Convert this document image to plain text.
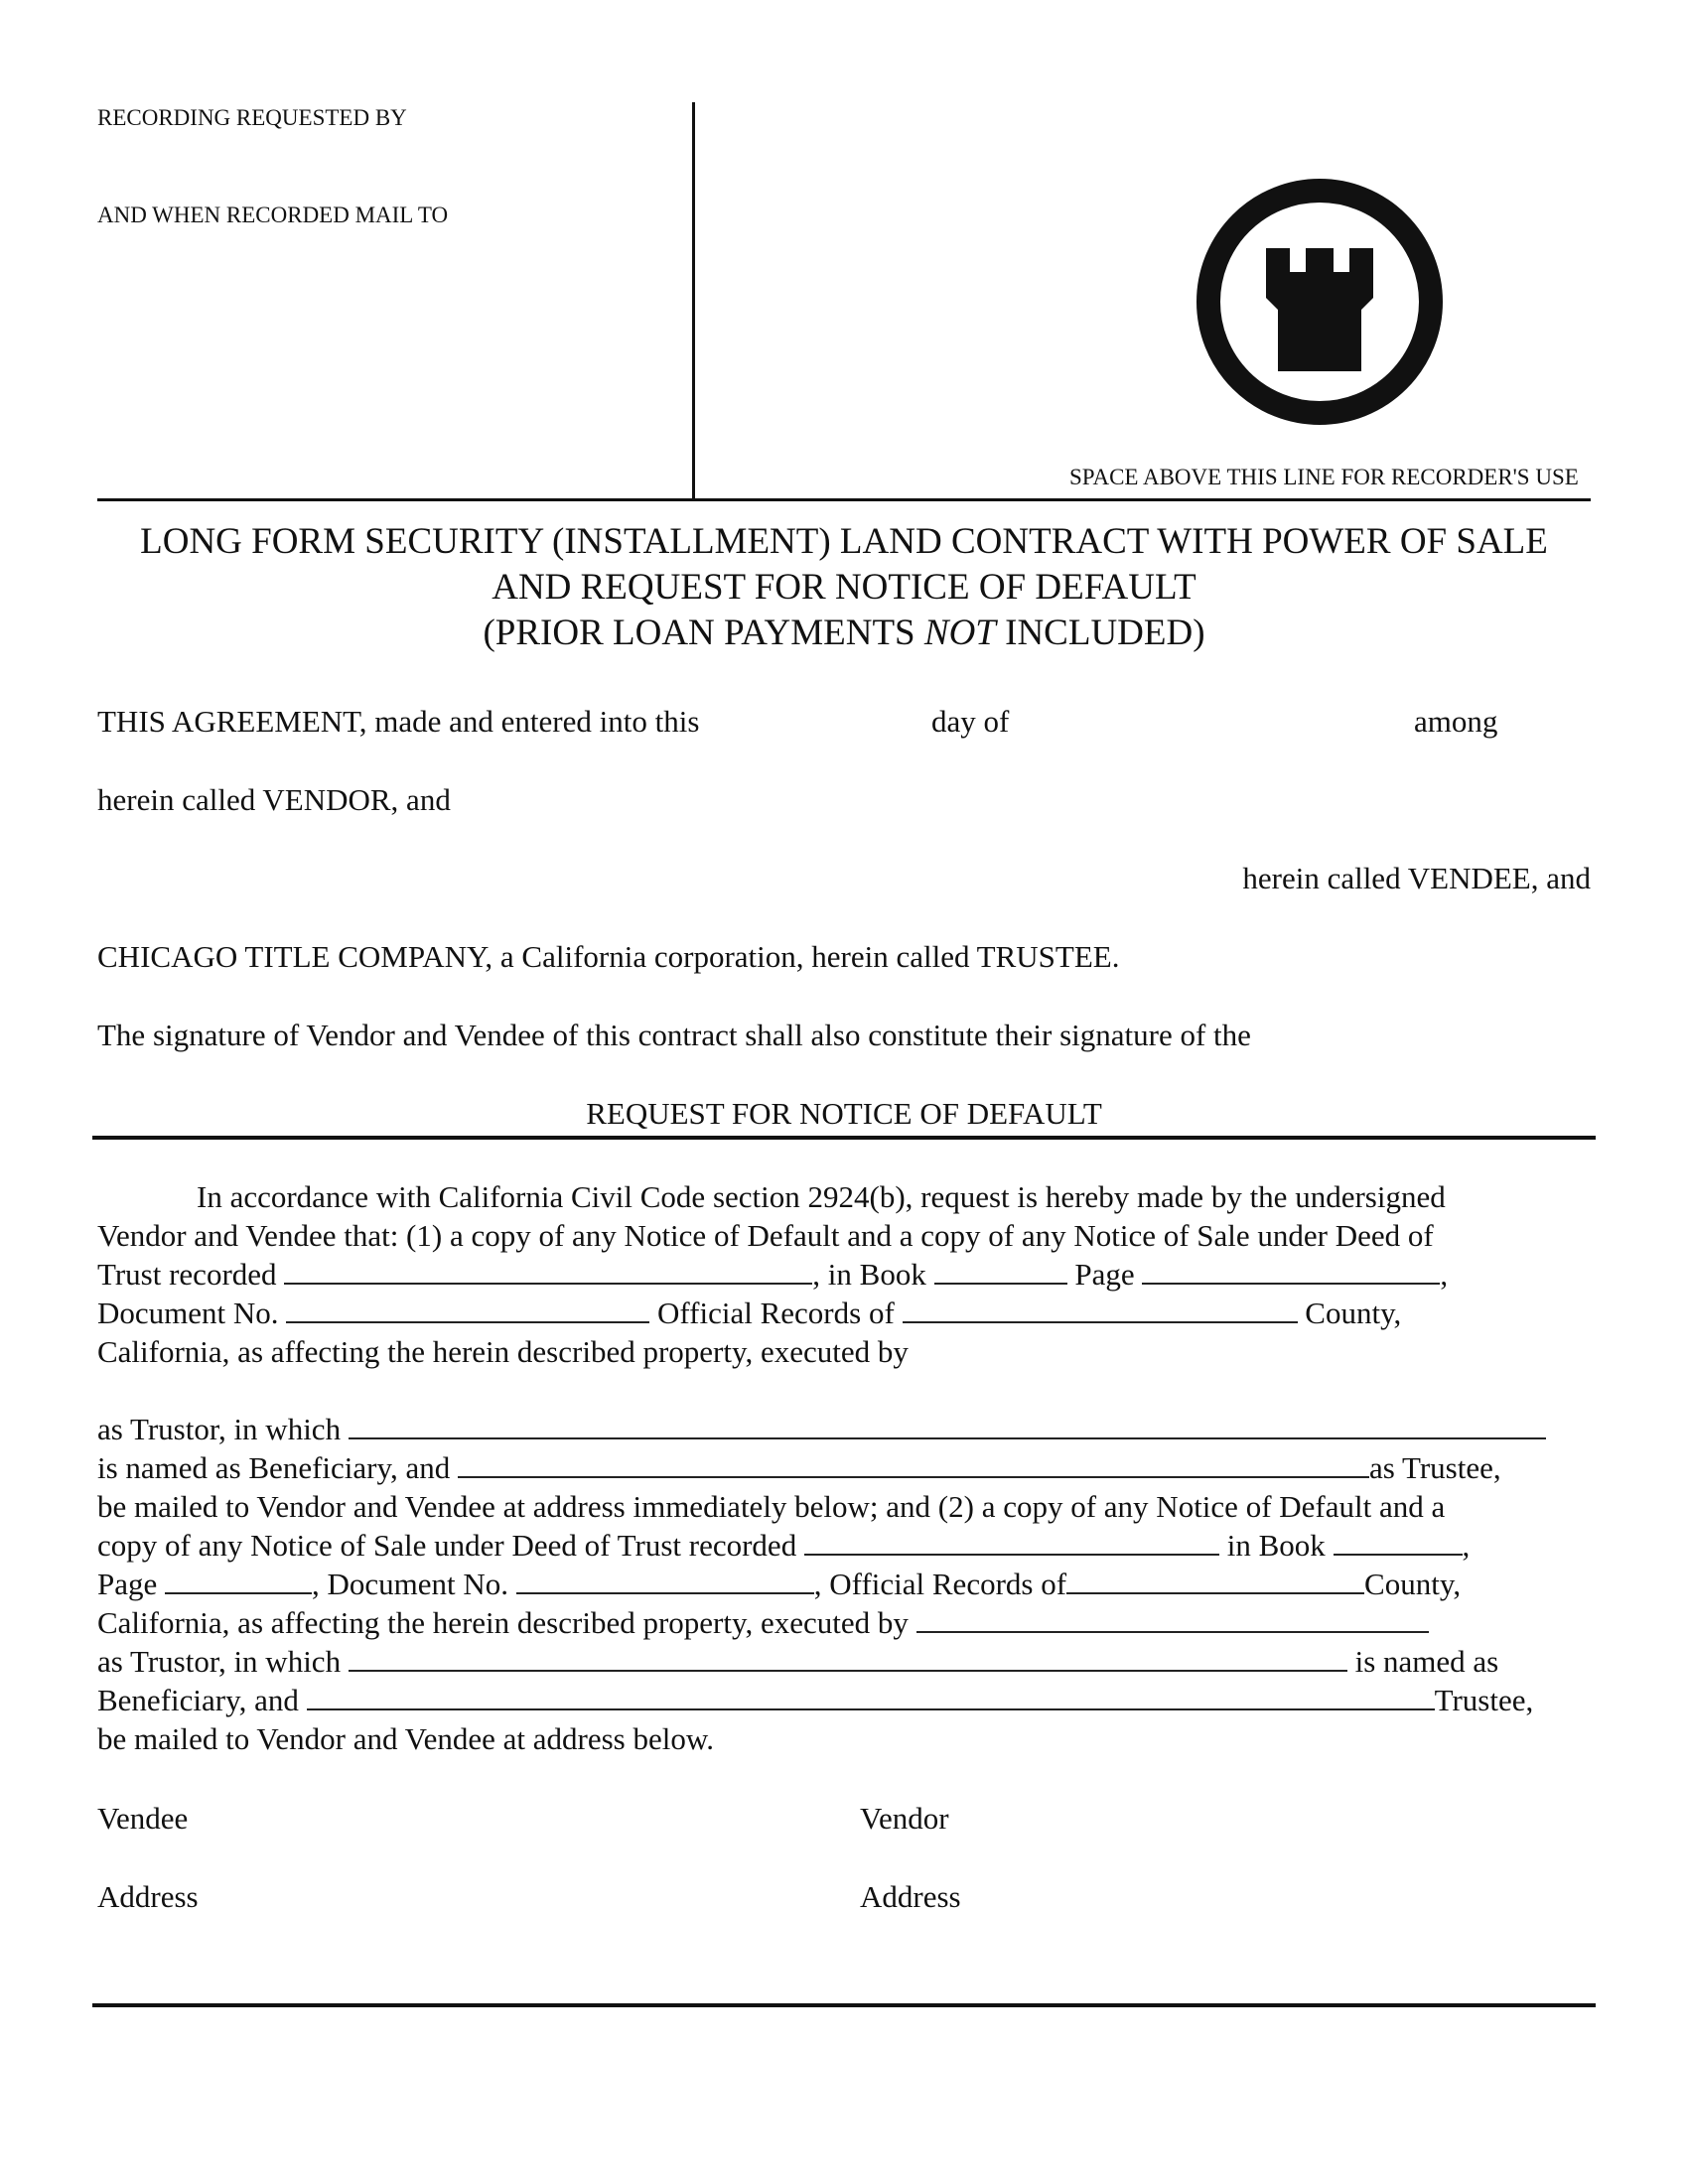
RECORDING REQUESTED BY
AND WHEN RECORDED MAIL TO
SPACE ABOVE THIS LINE FOR RECORDER'S USE
LONG FORM SECURITY (INSTALLMENT) LAND CONTRACT WITH POWER OF SALE
AND REQUEST FOR NOTICE OF DEFAULT
(PRIOR LOAN PAYMENTS NOT INCLUDED)
THIS AGREEMENT, made and entered into this	day of	among
herein called VENDOR, and
herein called VENDEE, and
CHICAGO TITLE COMPANY, a California corporation, herein called TRUSTEE.
The signature of Vendor and Vendee of this contract shall also constitute their signature of the
REQUEST FOR NOTICE OF DEFAULT
In accordance with California Civil Code section 2924(b), request is hereby made by the undersigned
Vendor and Vendee that: (1) a copy of any Notice of Default and a copy of any Notice of Sale under Deed of
Trust recorded	, in Book	Page	,
Document No.	Official Records of	County,
California, as affecting the herein described property, executed by
as Trustor, in which
is named as Beneficiary, and	as Trustee,
be mailed to Vendor and Vendee at address immediately below; and (2) a copy of any Notice of Default and a
copy of any Notice of Sale under Deed of Trust recorded	in Book	,
Page	, Document No.	, Official Records of	County,
California, as affecting the herein described property, executed by
as Trustor, in which	is named as
Beneficiary, and	Trustee,
be mailed to Vendor and Vendee at address below.
Vendee	Vendor
Address	Address
